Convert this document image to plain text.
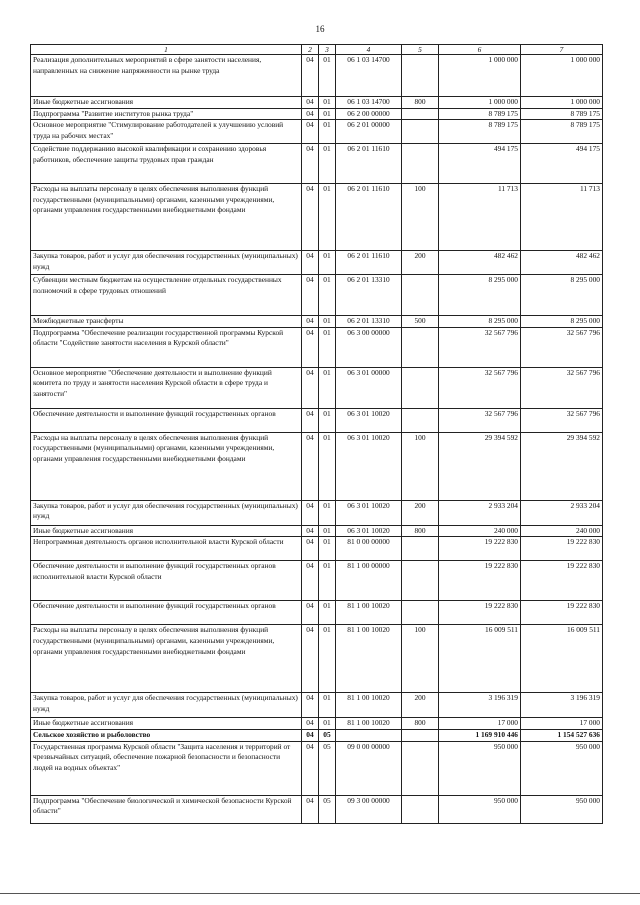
16
1	2	3	4	5	6	7
Реализация дополнительных мероприятий в сфере занятости населения, направленных на снижение напряженности на рынке труда	04	01	06 1 03 14700		1 000 000	1 000 000
Иные бюджетные ассигнования	04	01	06 1 03 14700	800	1 000 000	1 000 000
Подпрограмма "Развитие институтов рынка труда"	04	01	06 2 00 00000		8 789 175	8 789 175
Основное мероприятие "Стимулирование работодателей к улучшению условий труда на рабочих местах"	04	01	06 2 01 00000		8 789 175	8 789 175
Содействие поддержанию высокой квалификации и сохранению здоровья работников, обеспечение защиты трудовых прав граждан	04	01	06 2 01 11610		494 175	494 175
Расходы на выплаты персоналу в целях обеспечения выполнения функций государственными (муниципальными) органами, казенными учреждениями, органами управления государственными внебюджетными фондами	04	01	06 2 01 11610	100	11 713	11 713
Закупка товаров, работ и услуг для обеспечения государственных (муниципальных) нужд	04	01	06 2 01 11610	200	482 462	482 462
Субвенции местным бюджетам на осуществление отдельных государственных полномочий в сфере трудовых отношений	04	01	06 2 01 13310		8 295 000	8 295 000
Межбюджетные трансферты	04	01	06 2 01 13310	500	8 295 000	8 295 000
Подпрограмма "Обеспечение реализации государственной программы Курской области "Содействие занятости населения в Курской области"	04	01	06 3 00 00000		32 567 796	32 567 796
Основное мероприятие "Обеспечение деятельности и выполнение функций комитета по труду и занятости населения Курской области в сфере труда и занятости"	04	01	06 3 01 00000		32 567 796	32 567 796
Обеспечение деятельности и выполнение функций государственных органов	04	01	06 3 01 10020		32 567 796	32 567 796
Расходы на выплаты персоналу в целях обеспечения выполнения функций государственными (муниципальными) органами, казенными учреждениями, органами управления государственными внебюджетными фондами	04	01	06 3 01 10020	100	29 394 592	29 394 592
Закупка товаров, работ и услуг для обеспечения государственных (муниципальных) нужд	04	01	06 3 01 10020	200	2 933 204	2 933 204
Иные бюджетные ассигнования	04	01	06 3 01 10020	800	240 000	240 000
Непрограммная деятельность органов исполнительной власти Курской области	04	01	81 0 00 00000		19 222 830	19 222 830
Обеспечение деятельности и выполнение функций государственных органов исполнительной власти Курской области	04	01	81 1 00 00000		19 222 830	19 222 830
Обеспечение деятельности и выполнение функций государственных органов	04	01	81 1 00 10020		19 222 830	19 222 830
Расходы на выплаты персоналу в целях обеспечения выполнения функций государственными (муниципальными) органами, казенными учреждениями, органами управления государственными внебюджетными фондами	04	01	81 1 00 10020	100	16 009 511	16 009 511
Закупка товаров, работ и услуг для обеспечения государственных (муниципальных) нужд	04	01	81 1 00 10020	200	3 196 319	3 196 319
Иные бюджетные ассигнования	04	01	81 1 00 10020	800	17 000	17 000
Сельское хозяйство и рыболовство	04	05			1 169 910 446	1 154 527 636
Государственная программа Курской области "Защита населения и территорий от чрезвычайных ситуаций, обеспечение пожарной безопасности и безопасности людей на водных объектах"	04	05	09 0 00 00000		950 000	950 000
Подпрограмма "Обеспечение биологической и химической безопасности Курской области"	04	05	09 3 00 00000		950 000	950 000
